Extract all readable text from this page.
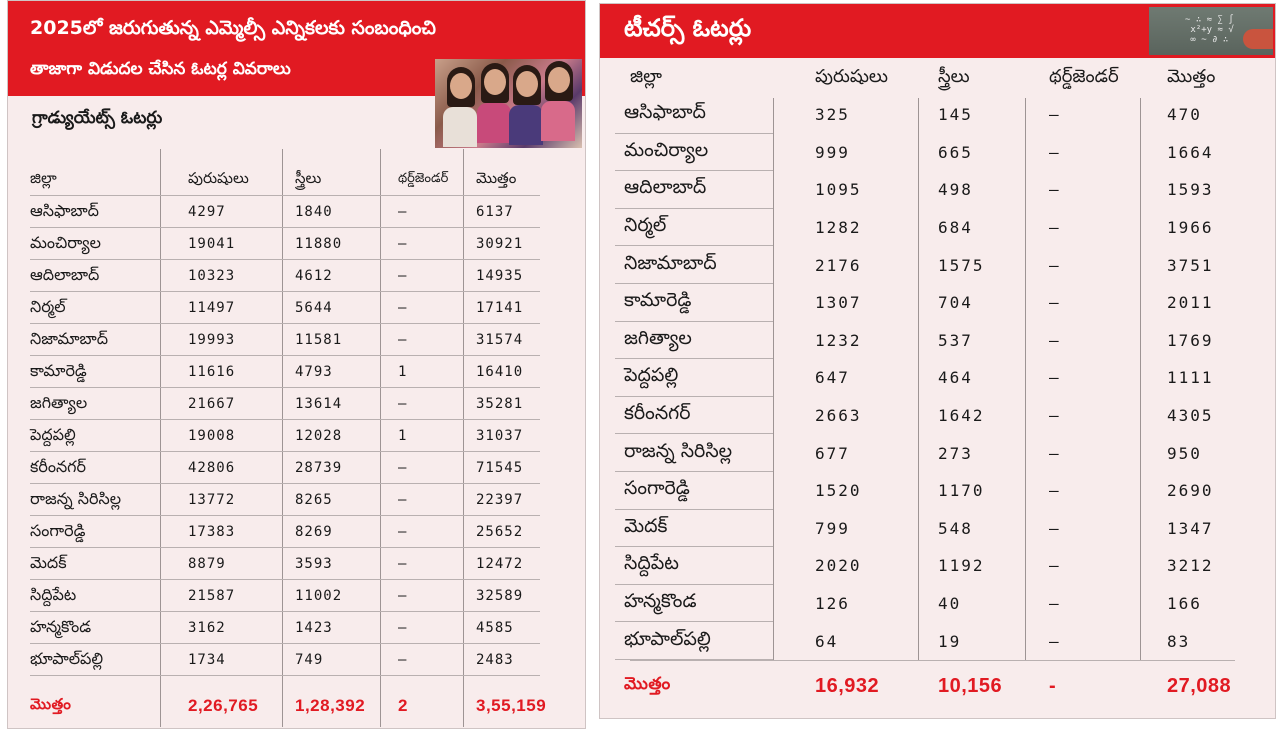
2025లో జరుగుతున్న ఎమ్మెల్సీ ఎన్నికలకు సంబంధించి
తాజాగా విడుదల చేసిన ఓటర్ల వివరాలు
గ్రాడ్యుయేట్స్ ఓటర్లు
జిల్లా	పురుషులు	స్త్రీలు	థర్డ్‌జెండర్ మొత్తం
ఆసిఫాబాద్	4297	1840	–	6137
మంచిర్యాల	19041	11880	–	30921
ఆదిలాబాద్	10323	4612	–	14935
నిర్మల్	11497	5644	–	17141
నిజామాబాద్	19993	11581	–	31574
కామారెడ్డి	11616	4793	1	16410
జగిత్యాల	21667	13614	–	35281
పెద్దపల్లి	19008	12028	1	31037
కరీంనగర్	42806	28739	–	71545
రాజన్న సిరిసిల్ల	13772	8265	–	22397
సంగారెడ్డి	17383	8269	–	25652
మెదక్	8879	3593	–	12472
సిద్దిపేట	21587	11002	–	32589
హన్మకొండ	3162	1423	–	4585
భూపాల్‌పల్లి	1734	749	–	2483
మొత్తం	2,26,765 1,28,392 2	3,55,159
టీచర్స్ ఓటర్లు	~ ∴ ≈ ∑ ∫
x²+y ≈ √
∞ ~ ∂ ∴
జిల్లా	పురుషులు	స్త్రీలు	థర్డ్‌జెండర్	మొత్తం
ఆసిఫాబాద్	325	145	–	470
మంచిర్యాల	999	665	–	1664
ఆదిలాబాద్	1095	498	–	1593
నిర్మల్	1282	684	–	1966
నిజామాబాద్	2176	1575	–	3751
కామారెడ్డి	1307	704	–	2011
జగిత్యాల	1232	537	–	1769
పెద్దపల్లి	647	464	–	1111
కరీంనగర్	2663	1642	–	4305
రాజన్న సిరిసిల్ల	677	273	–	950
సంగారెడ్డి	1520	1170	–	2690
మెదక్	799	548	–	1347
సిద్దిపేట	2020	1192	–	3212
హన్మకొండ	126	40	–	166
భూపాల్‌పల్లి	64	19	–	83
మొత్తం	16,932	10,156 -	27,088
